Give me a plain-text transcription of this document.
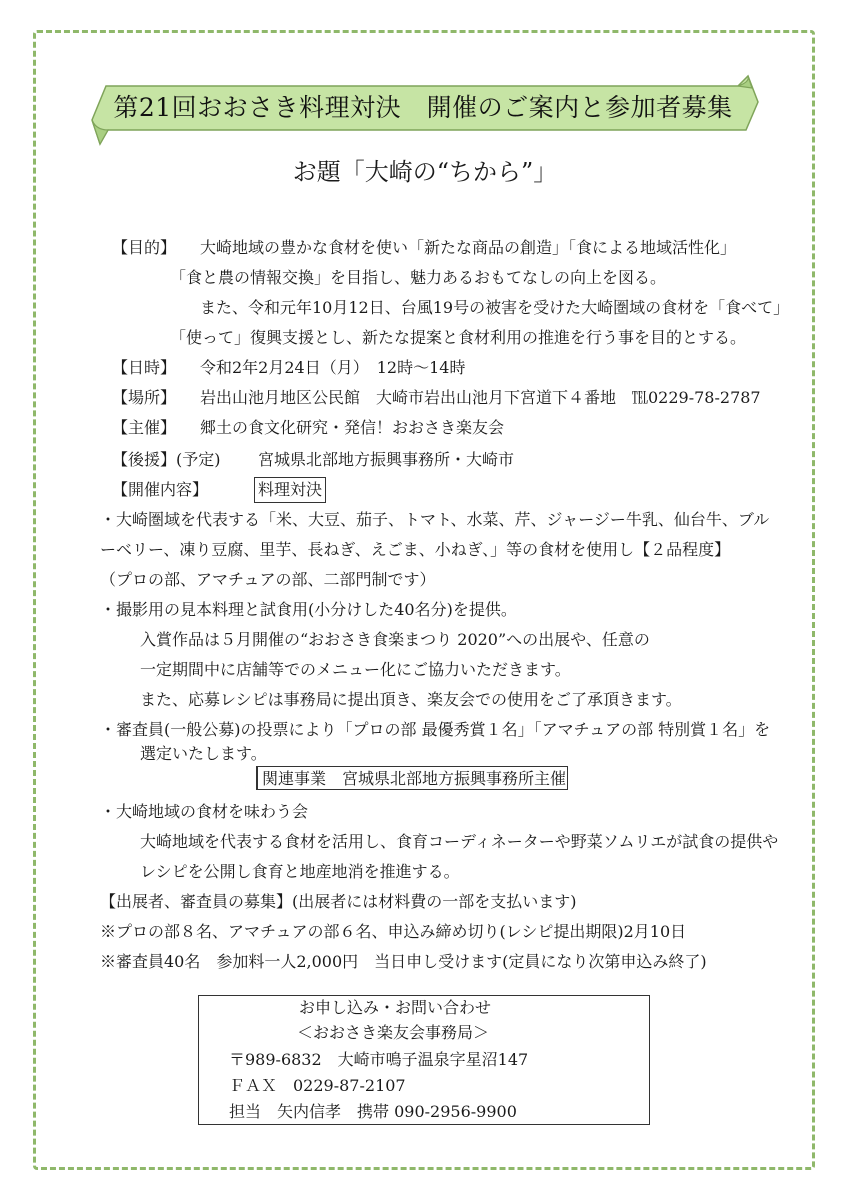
第21回おおさき料理対決　開催のご案内と参加者募集
お題「大崎の“ちから”」
【目的】 大崎地域の豊かな食材を使い「新たな商品の創造」「食による地域活性化」
「食と農の情報交換」を目指し、魅力あるおもてなしの向上を図る。
また、令和元年10月12日、台風19号の被害を受けた大崎圏域の食材を「食べて」
「使って」復興支援とし、新たな提案と食材利用の推進を行う事を目的とする。
【日時】 令和2年2月24日（月）　12時〜14時
【場所】 岩出山池月地区公民館　大崎市岩出山池月下宮道下４番地　℡0229-78-2787
【主催】 郷土の食文化研究・発信！おおさき楽友会
【後援】(予定) 宮城県北部地方振興事務所・大崎市
【開催内容】	料理対決
・大崎圏域を代表する「米、大豆、茄子、トマト、水菜、芹、ジャージー牛乳、仙台牛、ブル
ーベリー、凍り豆腐、里芋、長ねぎ、えごま、小ねぎ、」等の食材を使用し【２品程度】
（プロの部、アマチュアの部、二部門制です）
・撮影用の見本料理と試食用(小分けした40名分)を提供。
入賞作品は５月開催の“おおさき食楽まつり 2020”への出展や、任意の
一定期間中に店舗等でのメニュー化にご協力いただきます。
また、応募レシピは事務局に提出頂き、楽友会での使用をご了承頂きます。
・審査員(一般公募)の投票により「プロの部 最優秀賞１名」「アマチュアの部 特別賞１名」を
選定いたします。
関連事業　宮城県北部地方振興事務所主催
・大崎地域の食材を味わう会
大崎地域を代表する食材を活用し、食育コーディネーターや野菜ソムリエが試食の提供や
レシピを公開し食育と地産地消を推進する。
【出展者、審査員の募集】(出展者には材料費の一部を支払います)
※プロの部８名、アマチュアの部６名、申込み締め切り(レシピ提出期限)2月10日
※審査員40名　参加料一人2,000円　当日申し受けます(定員になり次第申込み終了)
お申し込み・お問い合わせ
＜おおさき楽友会事務局＞
〒989-6832　大崎市鳴子温泉字星沼147
ＦＡＸ　0229-87-2107
担当　矢内信孝　携帯 090-2956-9900
